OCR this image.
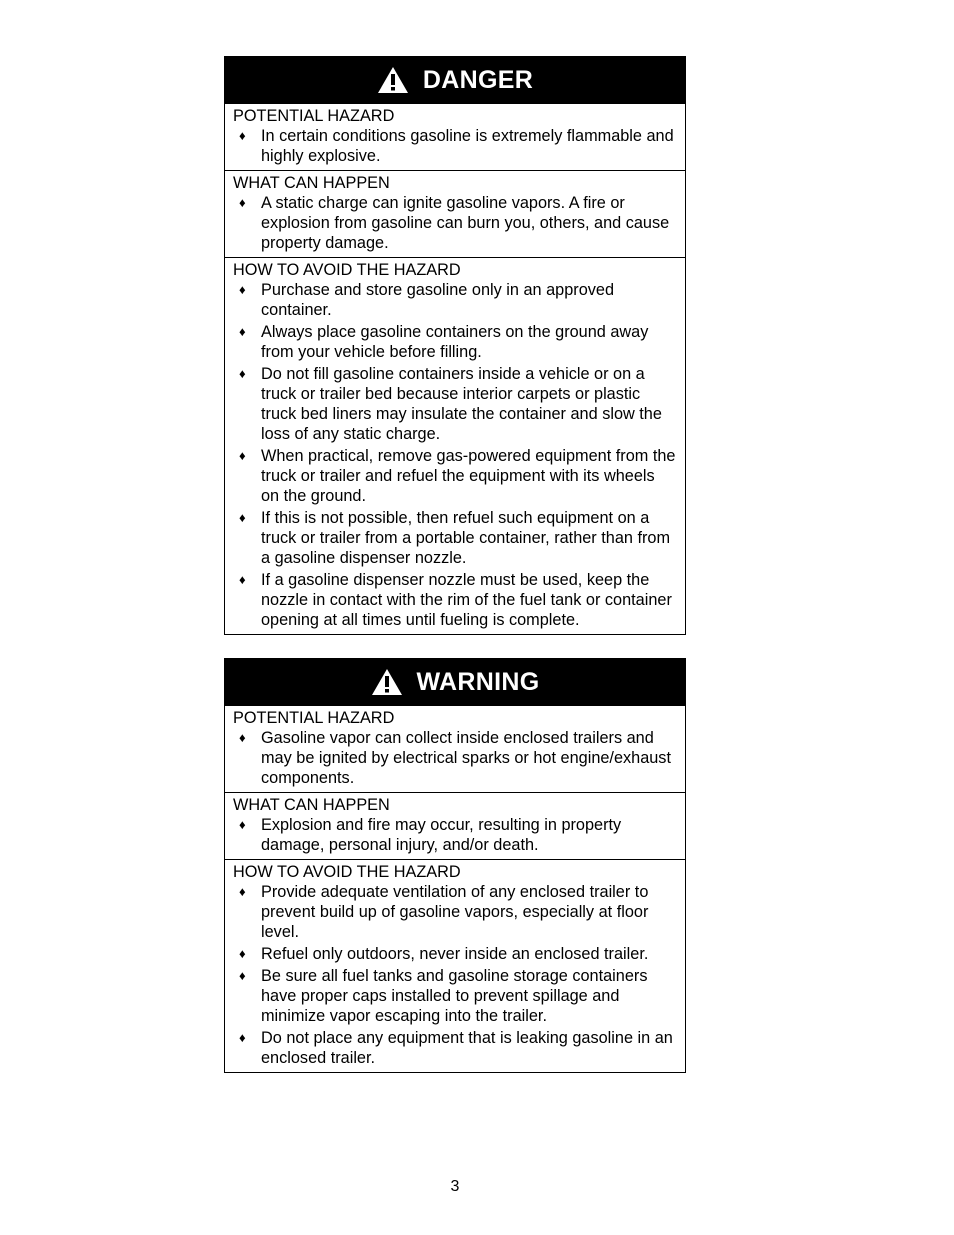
DANGER

POTENTIAL HAZARD

♦ In certain conditions gasoline is extremely flammable and highly explosive.

WHAT CAN HAPPEN

♦ A static charge can ignite gasoline vapors. A fire or explosion from gasoline can burn you, others, and cause property damage.

HOW TO AVOID THE HAZARD

♦ Purchase and store gasoline only in an approved container.
♦ Always place gasoline containers on the ground away from your vehicle before filling.
♦ Do not fill gasoline containers inside a vehicle or on a truck or trailer bed because interior carpets or plastic truck bed liners may insulate the container and slow the loss of any static charge.
♦ When practical, remove gas-powered equipment from the truck or trailer and refuel the equipment with its wheels on the ground.
♦ If this is not possible, then refuel such equipment on a truck or trailer from a portable container, rather than from a gasoline dispenser nozzle.
♦ If a gasoline dispenser nozzle must be used, keep the nozzle in contact with the rim of the fuel tank or container opening at all times until fueling is complete.
WARNING

POTENTIAL HAZARD

♦ Gasoline vapor can collect inside enclosed trailers and may be ignited by electrical sparks or hot engine/exhaust components.

WHAT CAN HAPPEN

♦ Explosion and fire may occur, resulting in property damage, personal injury, and/or death.

HOW TO AVOID THE HAZARD

♦ Provide adequate ventilation of any enclosed trailer to prevent build up of gasoline vapors, especially at floor level.
♦ Refuel only outdoors, never inside an enclosed trailer.
♦ Be sure all fuel tanks and gasoline storage containers have proper caps installed to prevent spillage and minimize vapor escaping into the trailer.
♦ Do not place any equipment that is leaking gasoline in an enclosed trailer.
3
